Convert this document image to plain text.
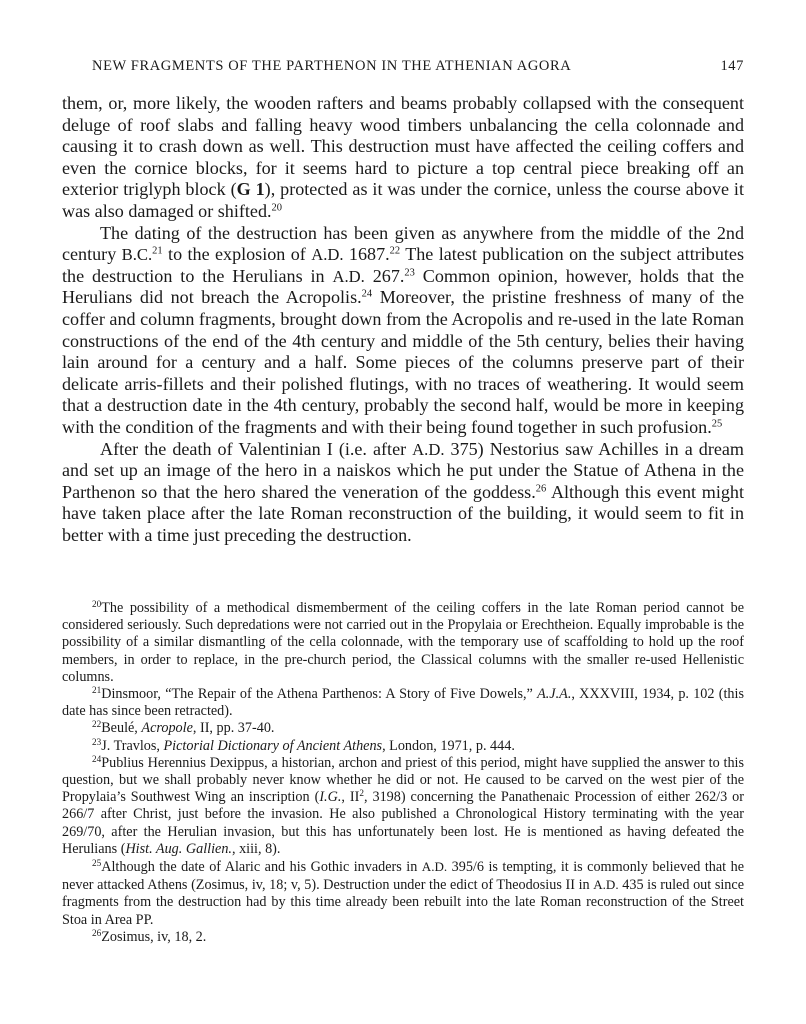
NEW FRAGMENTS OF THE PARTHENON IN THE ATHENIAN AGORA	147

them, or, more likely, the wooden rafters and beams probably collapsed with the consequent deluge of roof slabs and falling heavy wood timbers unbalancing the cella colonnade and causing it to crash down as well. This destruction must have affected the ceiling coffers and even the cornice blocks, for it seems hard to picture a top central piece breaking off an exterior triglyph block (G 1), protected as it was under the cornice, unless the course above it was also damaged or shifted.$^{20}$

The dating of the destruction has been given as anywhere from the middle of the 2nd century B.C.$^{21}$ to the explosion of A.D. 1687.22 The latest publication on the subject attributes the destruction to the Herulians in A.D. 267.23 Common opinion, however, holds that the Herulians did not breach the Acropolis.$^{24}$ Moreover, the pristine freshness of many of the coffer and column fragments, brought down from the Acropolis and re-used in the late Roman constructions of the end of the 4th century and middle of the 5th century, belies their having lain around for a century and a half. Some pieces of the columns preserve part of their delicate arris-fillets and their polished flutings, with no traces of weathering. It would seem that a destruction date in the 4th century, probably the second half, would be more in keeping with the condition of the fragments and with their being found together in such profusion.$^{25}$

After the death of Valentinian I (i.e. after A.D. 375) Nestorius saw Achilles in a dream and set up an image of the hero in a naiskos which he put under the Statue of Athena in the Parthenon so that the hero shared the veneration of the goddess.$^{26}$ Although this event might have taken place after the late Roman reconstruction of the building, it would seem to fit in better with a time just preceding the destruction.

$^{20}$The possibility of a methodical dismemberment of the ceiling coffers in the late Roman period cannot be considered seriously. Such depredations were not carried out in the Propylaia or Erechtheion. Equally improbable is the possibility of a similar dismantling of the cella colonnade, with the temporary use of scaffolding to hold up the roof members, in order to replace, in the pre-church period, the Classical columns with the smaller re-used Hellenistic columns.

$^{21}$Dinsmoor, “The Repair of the Athena Parthenos: A Story of Five Dowels,” A.J.A., XXXVIII, 1934, p. 102 (this date has since been retracted).

$^{22}$Beulé, Acropole, II, pp. 37-40.

$^{23}$J. Travlos, Pictorial Dictionary of Ancient Athens, London, 1971, p. 444.

$^{24}$Publius Herennius Dexippus, a historian, archon and priest of this period, might have supplied the answer to this question, but we shall probably never know whether he did or not. He caused to be carved on the west pier of the Propylaia’s Southwest Wing an inscription (I.G., $II^2$, 3198) concerning the Panathenaic Procession of either 262/3 or 266/7 after Christ, just before the invasion. He also published a Chronological History terminating with the year 269/70, after the Herulian invasion, but this has unfortunately been lost. He is mentioned as having defeated the Herulians (Hist. Aug. Gallien., xiii, 8).

$^{25}$Although the date of Alaric and his Gothic invaders in A.D. 395/6 is tempting, it is commonly believed that he never attacked Athens (Zosimus, iv, 18; v, 5). Destruction under the edict of Theodosius II in A.D. 435 is ruled out since fragments from the destruction had by this time already been rebuilt into the late Roman reconstruction of the Street Stoa in Area PP.

$^{26}$Zosimus, iv, 18, 2.
